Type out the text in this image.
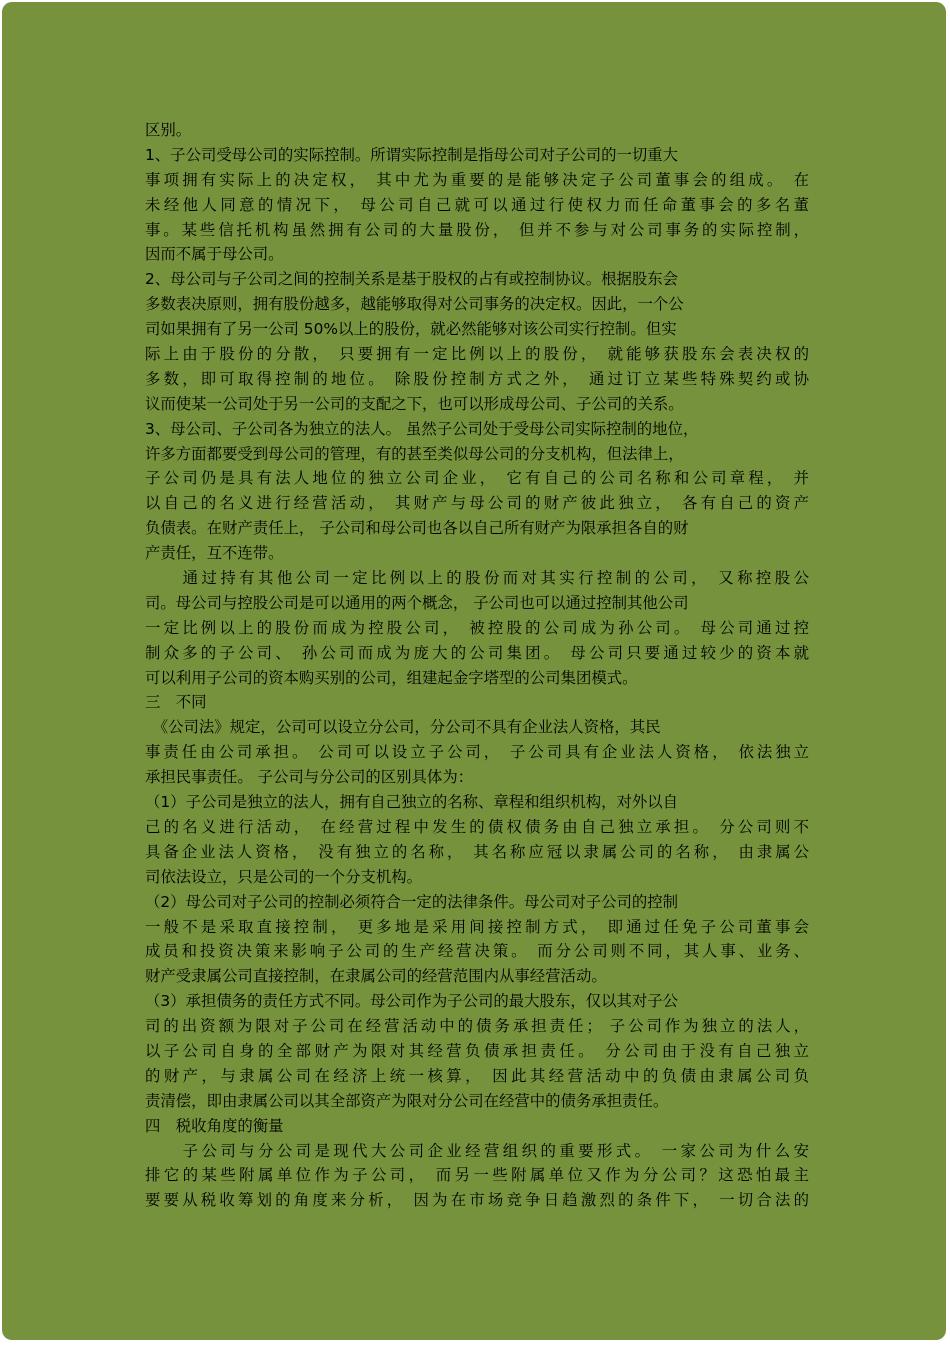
区别。
1、子公司受母公司的实际控制。所谓实际控制是指母公司对子公司的一切重大
事项拥有实际上的决定权， 其中尤为重要的是能够决定子公司董事会的组成。 在
未经他人同意的情况下， 母公司自己就可以通过行使权力而任命董事会的多名董
事。某些信托机构虽然拥有公司的大量股份， 但并不参与对公司事务的实际控制，
因而不属于母公司。
2、母公司与子公司之间的控制关系是基于股权的占有或控制协议。根据股东会
多数表决原则，拥有股份越多，越能够取得对公司事务的决定权。因此，一个公
司如果拥有了另一公司 50%以上的股份，就必然能够对该公司实行控制。但实
际上由于股份的分散， 只要拥有一定比例以上的股份， 就能够获股东会表决权的
多数，即可取得控制的地位。 除股份控制方式之外， 通过订立某些特殊契约或协
议而使某一公司处于另一公司的支配之下，也可以形成母公司、子公司的关系。
3、母公司、子公司各为独立的法人。 虽然子公司处于受母公司实际控制的地位，
许多方面都要受到母公司的管理，有的甚至类似母公司的分支机构，但法律上，
子公司仍是具有法人地位的独立公司企业， 它有自己的公司名称和公司章程， 并
以自己的名义进行经营活动， 其财产与母公司的财产彼此独立， 各有自己的资产
负债表。在财产责任上， 子公司和母公司也各以自己所有财产为限承担各自的财
产责任，互不连带。
　　通过持有其他公司一定比例以上的股份而对其实行控制的公司， 又称控股公
司。母公司与控股公司是可以通用的两个概念， 子公司也可以通过控制其他公司
一定比例以上的股份而成为控股公司， 被控股的公司成为孙公司。 母公司通过控
制众多的子公司、 孙公司而成为庞大的公司集团。 母公司只要通过较少的资本就
可以利用子公司的资本购买别的公司，组建起金字塔型的公司集团模式。
三　不同
　《公司法》规定，公司可以设立分公司，分公司不具有企业法人资格，其民
事责任由公司承担。 公司可以设立子公司， 子公司具有企业法人资格， 依法独立
承担民事责任。 子公司与分公司的区别具体为：
（1）子公司是独立的法人，拥有自己独立的名称、章程和组织机构，对外以自
己的名义进行活动， 在经营过程中发生的债权债务由自己独立承担。 分公司则不
具备企业法人资格， 没有独立的名称， 其名称应冠以隶属公司的名称， 由隶属公
司依法设立，只是公司的一个分支机构。
（2）母公司对子公司的控制必须符合一定的法律条件。母公司对子公司的控制
一般不是采取直接控制， 更多地是采用间接控制方式， 即通过任免子公司董事会
成员和投资决策来影响子公司的生产经营决策。 而分公司则不同，其人事、业务、
财产受隶属公司直接控制，在隶属公司的经营范围内从事经营活动。
（3）承担债务的责任方式不同。母公司作为子公司的最大股东，仅以其对子公
司的出资额为限对子公司在经营活动中的债务承担责任； 子公司作为独立的法人，
以子公司自身的全部财产为限对其经营负债承担责任。 分公司由于没有自己独立
的财产，与隶属公司在经济上统一核算， 因此其经营活动中的负债由隶属公司负
责清偿，即由隶属公司以其全部资产为限对分公司在经营中的债务承担责任。
四　税收角度的衡量
　　子公司与分公司是现代大公司企业经营组织的重要形式。 一家公司为什么安
排它的某些附属单位作为子公司， 而另一些附属单位又作为分公司？这恐怕最主
要要从税收筹划的角度来分析， 因为在市场竞争日趋激烈的条件下， 一切合法的
